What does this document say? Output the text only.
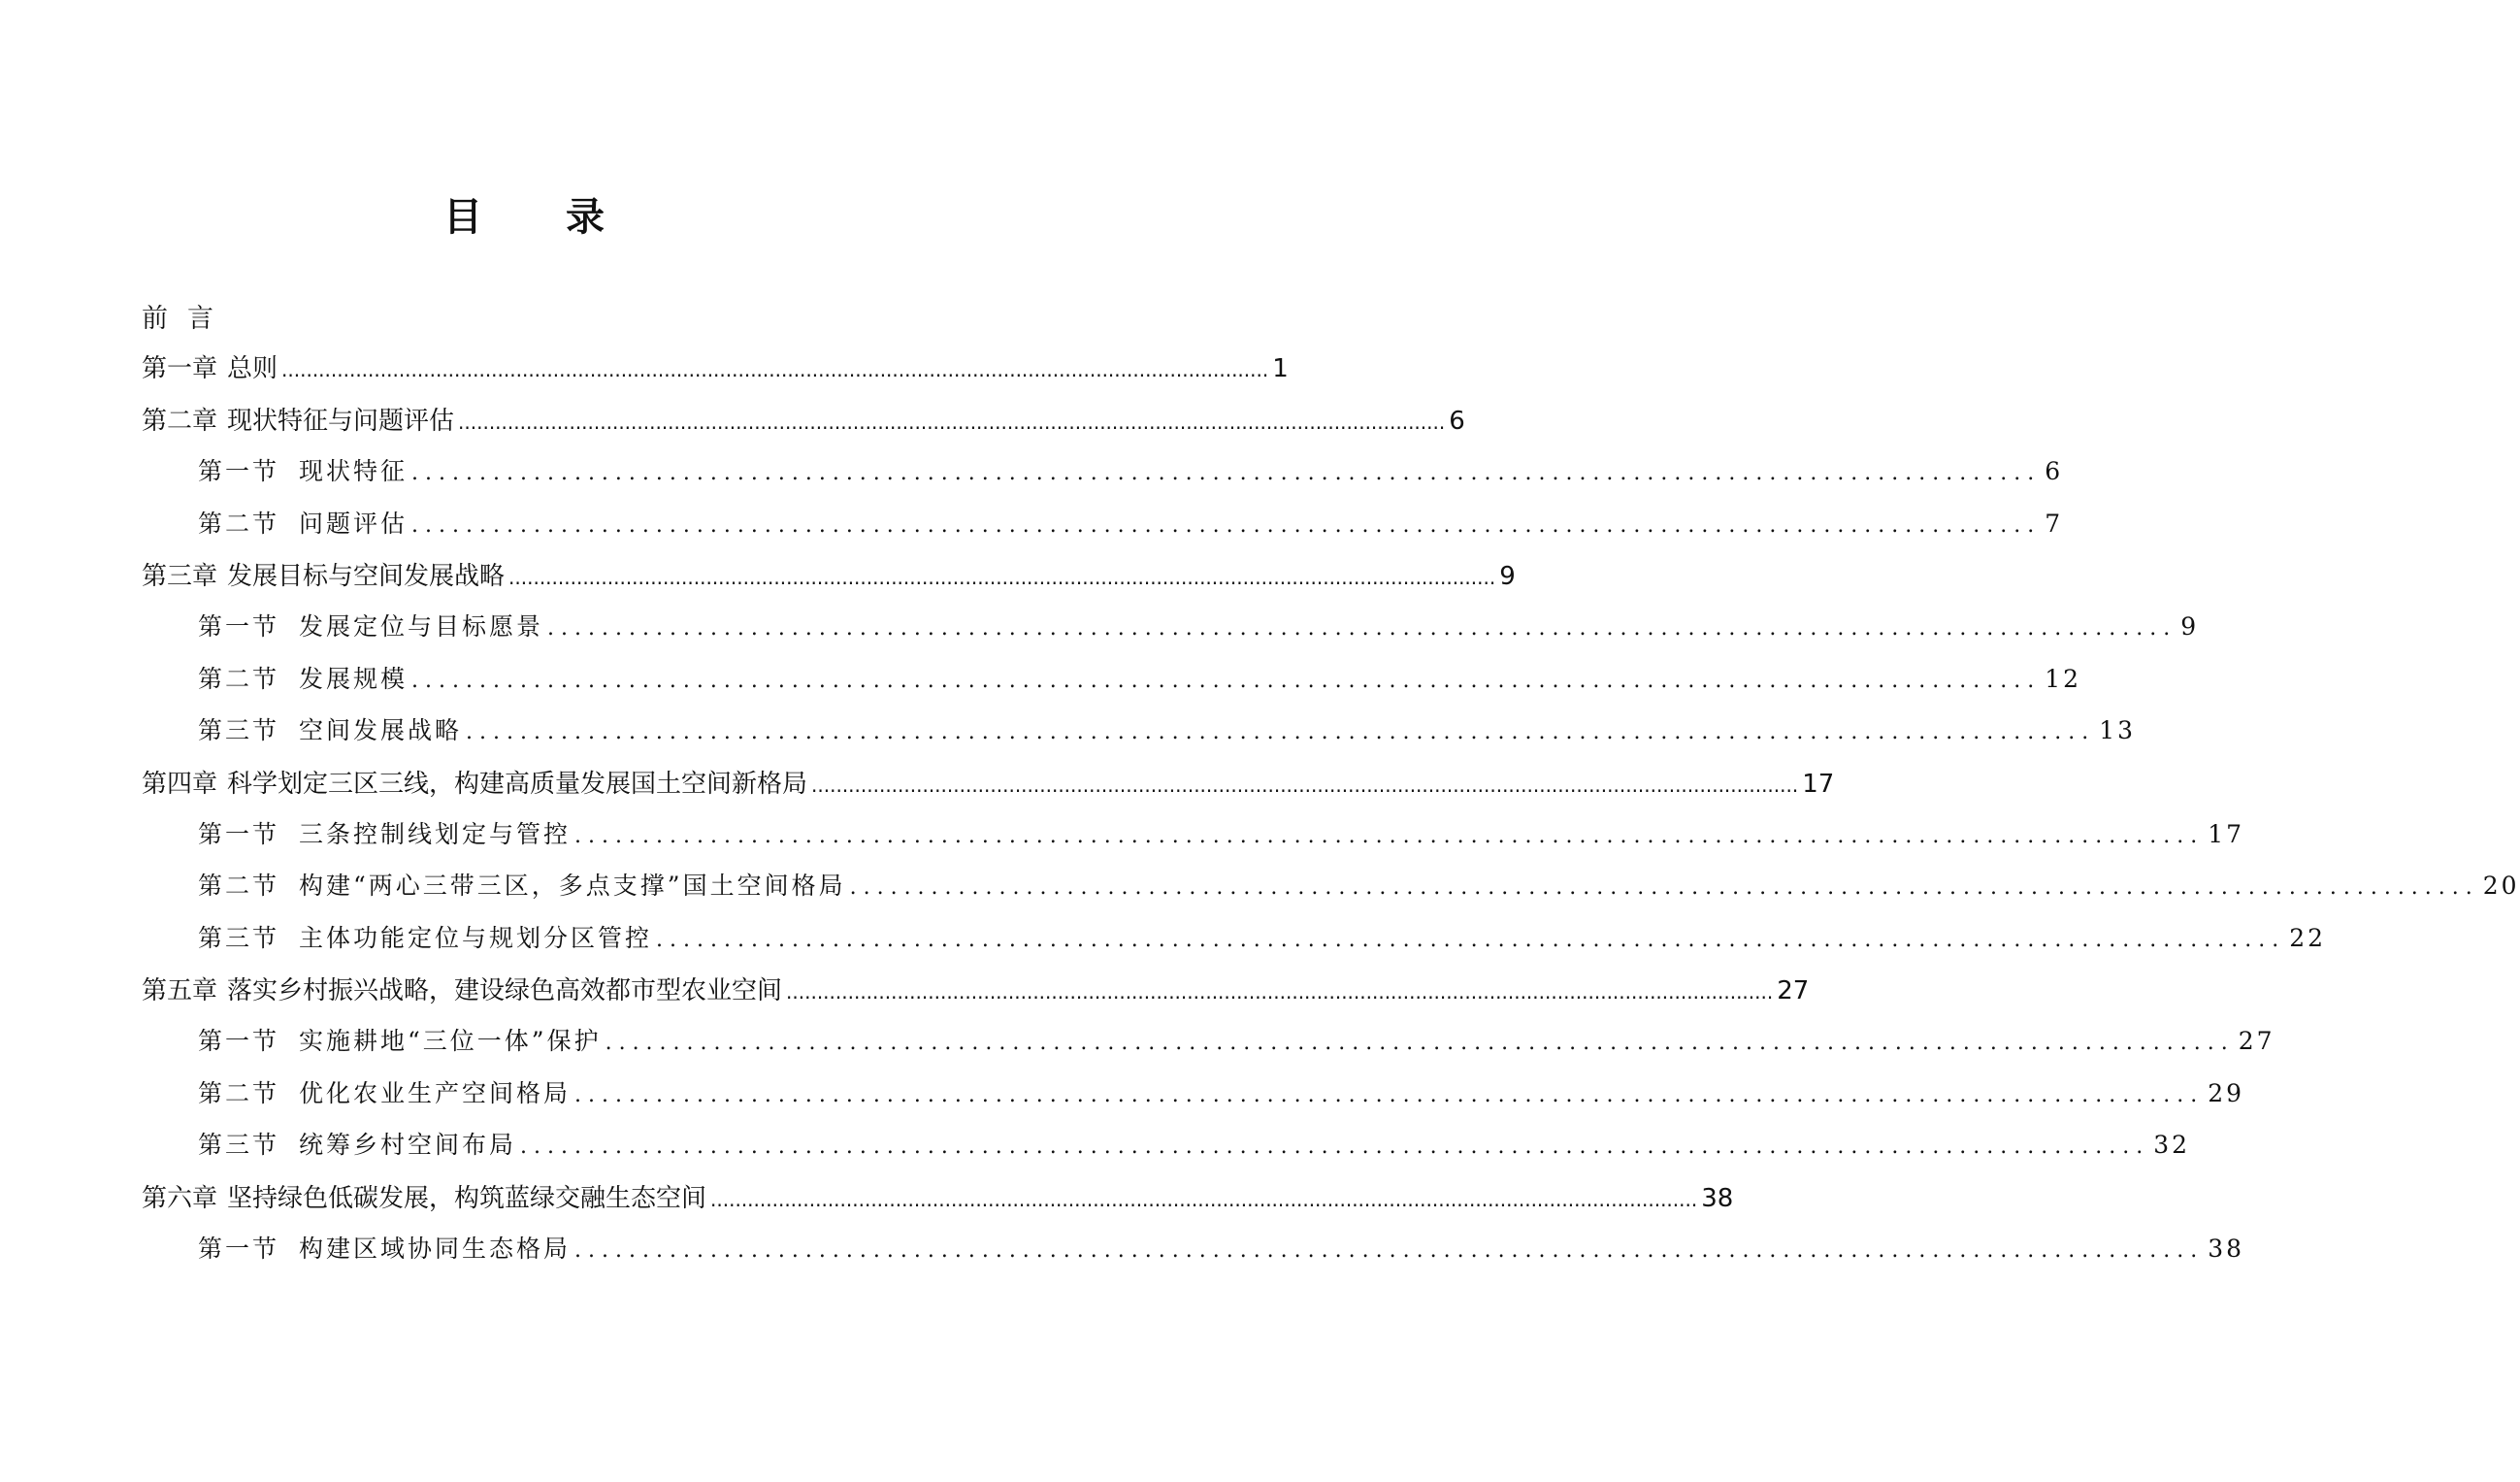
目 录
前言
第一章 总则 ................................................................................................................................................................ 1
第二章 现状特征与问题评估 ................................................................................................................................................................ 6
第一节 现状特征 ........................................................................................................................ 6
第二节 问题评估 ........................................................................................................................ 7
第三章 发展目标与空间发展战略 ................................................................................................................................................................ 9
第一节 发展定位与目标愿景 ........................................................................................................................ 9
第二节 发展规模 ........................................................................................................................ 12
第三节 空间发展战略 ........................................................................................................................ 13
第四章 科学划定三区三线，构建高质量发展国土空间新格局 ................................................................................................................................................................ 17
第一节 三条控制线划定与管控 ........................................................................................................................ 17
第二节 构建“两心三带三区，多点支撑”国土空间格局 ........................................................................................................................ 20
第三节 主体功能定位与规划分区管控 ........................................................................................................................ 22
第五章 落实乡村振兴战略，建设绿色高效都市型农业空间 ................................................................................................................................................................ 27
第一节 实施耕地“三位一体”保护 ........................................................................................................................ 27
第二节 优化农业生产空间格局 ........................................................................................................................ 29
第三节 统筹乡村空间布局 ........................................................................................................................ 32
第六章 坚持绿色低碳发展，构筑蓝绿交融生态空间 ................................................................................................................................................................ 38
第一节 构建区域协同生态格局 ........................................................................................................................ 38
